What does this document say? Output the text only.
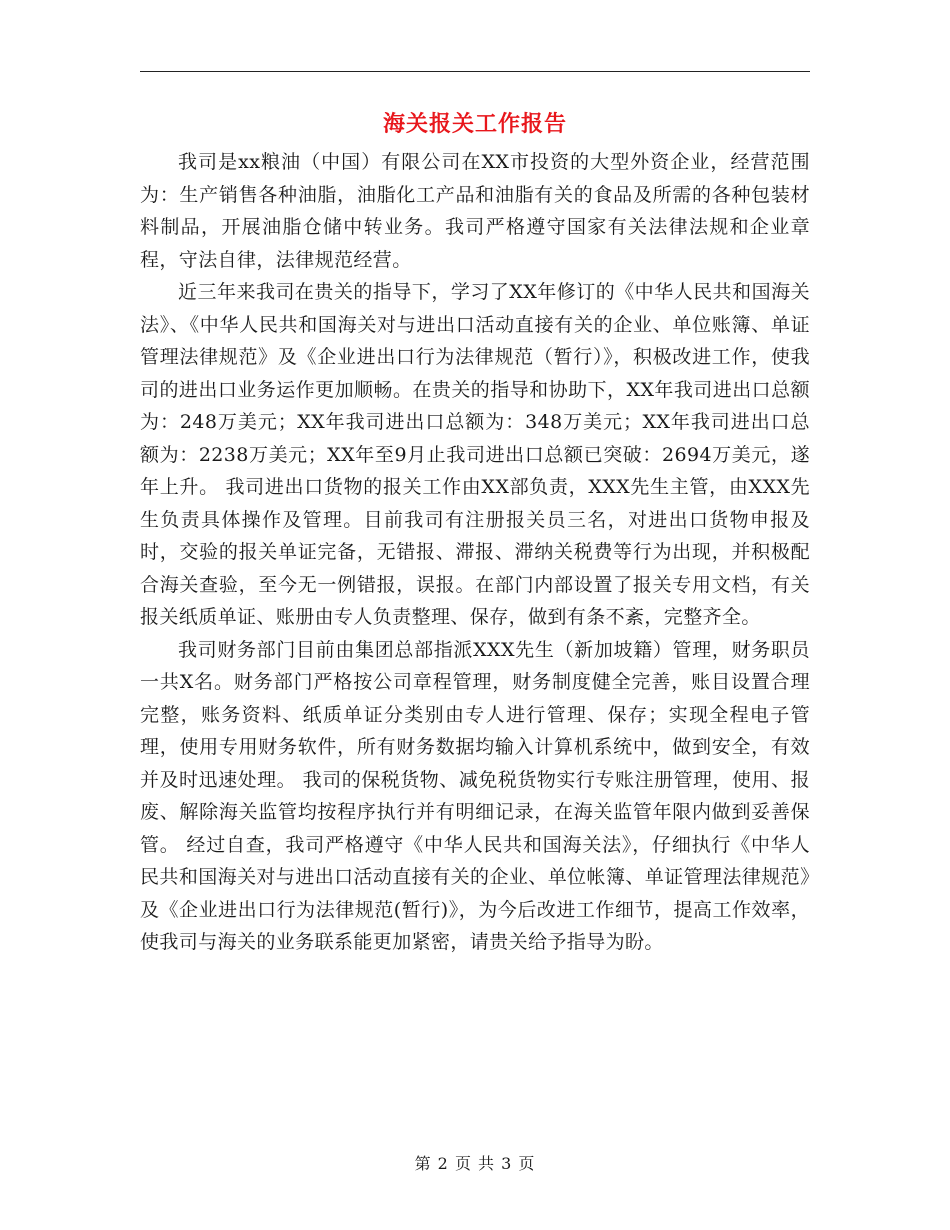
海关报关工作报告

我司是xx粮油（中国）有限公司在XX市投资的大型外资企业，经营范围为：生产销售各种油脂，油脂化工产品和油脂有关的食品及所需的各种包装材料制品，开展油脂仓储中转业务。我司严格遵守国家有关法律法规和企业章程，守法自律，法律规范经营。

近三年来我司在贵关的指导下，学习了XX年修订的《中华人民共和国海关法》、《中华人民共和国海关对与进出口活动直接有关的企业、单位账簿、单证管理法律规范》及《企业进出口行为法律规范（暂行）》，积极改进工作，使我司的进出口业务运作更加顺畅。在贵关的指导和协助下，XX年我司进出口总额为：248万美元；XX年我司进出口总额为：348万美元；XX年我司进出口总额为：2238万美元；XX年至9月止我司进出口总额已突破：2694万美元，遂年上升。 我司进出口货物的报关工作由XX部负责，XXX先生主管，由XXX先生负责具体操作及管理。目前我司有注册报关员三名，对进出口货物申报及时，交验的报关单证完备，无错报、滞报、滞纳关税费等行为出现，并积极配合海关查验，至今无一例错报，误报。在部门内部设置了报关专用文档，有关报关纸质单证、账册由专人负责整理、保存，做到有条不紊，完整齐全。

我司财务部门目前由集团总部指派XXX先生（新加坡籍）管理，财务职员一共X名。财务部门严格按公司章程管理，财务制度健全完善，账目设置合理完整，账务资料、纸质单证分类别由专人进行管理、保存；实现全程电子管理，使用专用财务软件，所有财务数据均输入计算机系统中，做到安全，有效并及时迅速处理。 我司的保税货物、减免税货物实行专账注册管理，使用、报废、解除海关监管均按程序执行并有明细记录，在海关监管年限内做到妥善保管。 经过自查，我司严格遵守《中华人民共和国海关法》，仔细执行《中华人民共和国海关对与进出口活动直接有关的企业、单位帐簿、单证管理法律规范》及《企业进出口行为法律规范(暂行)》，为今后改进工作细节，提高工作效率，使我司与海关的业务联系能更加紧密，请贵关给予指导为盼。

第 2 页 共 3 页
